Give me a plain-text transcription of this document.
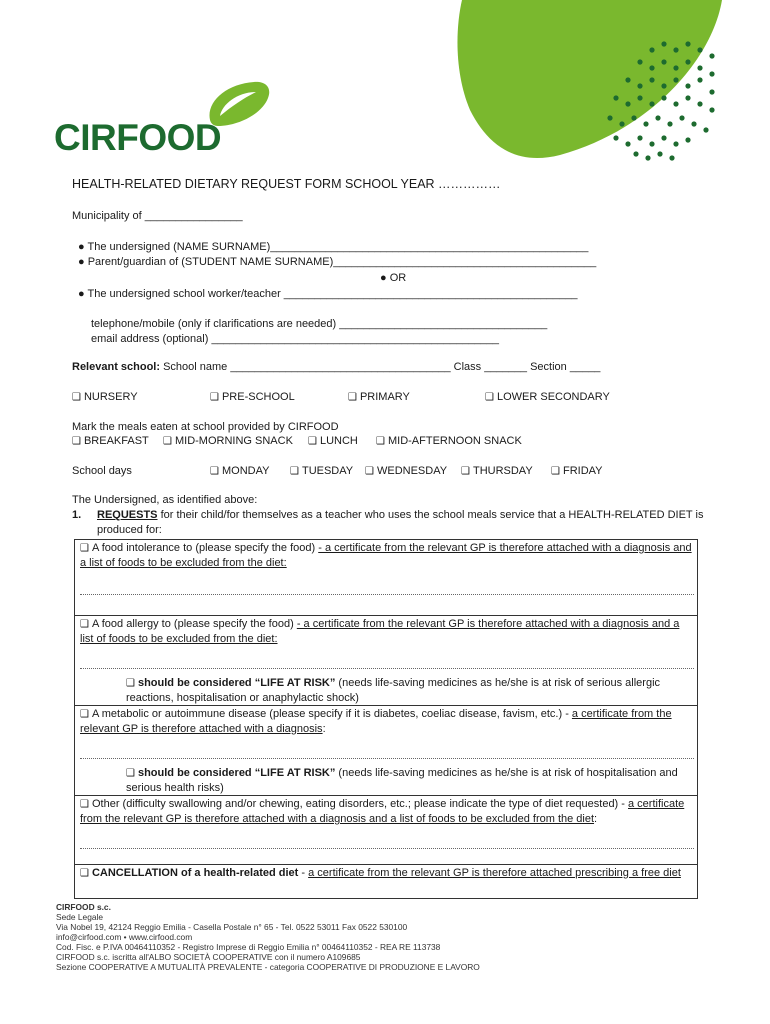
CIRFOOD
HEALTH-RELATED DIETARY REQUEST FORM SCHOOL YEAR ……………
Municipality of ________________
● The undersigned (NAME SURNAME)____________________________________________________
● Parent/guardian of (STUDENT NAME SURNAME)___________________________________________
● OR
● The undersigned school worker/teacher ________________________________________________
telephone/mobile (only if clarifications are needed) __________________________________
email address (optional) _______________________________________________
Relevant school: School name ____________________________________ Class _______ Section _____
❑ NURSERY	❑ PRE-SCHOOL	❑ PRIMARY	❑ LOWER SECONDARY
Mark the meals eaten at school provided by CIRFOOD
❑ BREAKFAST ❑ MID-MORNING SNACK ❑ LUNCH ❑ MID-AFTERNOON SNACK
School days	❑ MONDAY ❑ TUESDAY ❑ WEDNESDAY ❑ THURSDAY ❑ FRIDAY
The Undersigned, as identified above:
1. REQUESTS for their child/for themselves as a teacher who uses the school meals service that a HEALTH-RELATED DIET is produced for:
❑ A food intolerance to (please specify the food) - a certificate from the relevant GP is therefore attached with a diagnosis and a list of foods to be excluded from the diet:
❑ A food allergy to (please specify the food) - a certificate from the relevant GP is therefore attached with a diagnosis and a list of foods to be excluded from the diet:
❑ should be considered “LIFE AT RISK” (needs life-saving medicines as he/she is at risk of serious allergic reactions, hospitalisation or anaphylactic shock)
❑ A metabolic or autoimmune disease (please specify if it is diabetes, coeliac disease, favism, etc.) - a certificate from the relevant GP is therefore attached with a diagnosis:
❑ should be considered “LIFE AT RISK” (needs life-saving medicines as he/she is at risk of hospitalisation and serious health risks)
❑ Other (difficulty swallowing and/or chewing, eating disorders, etc.; please indicate the type of diet requested) - a certificate from the relevant GP is therefore attached with a diagnosis and a list of foods to be excluded from the diet:
❑ CANCELLATION of a health-related diet - a certificate from the relevant GP is therefore attached prescribing a free diet
CIRFOOD s.c.
Sede Legale
Via Nobel 19, 42124 Reggio Emilia - Casella Postale n° 65 - Tel. 0522 53011 Fax 0522 530100
info@cirfood.com • www.cirfood.com
Cod. Fisc. e P.IVA 00464110352 - Registro Imprese di Reggio Emilia n° 00464110352 - REA RE 113738
CIRFOOD s.c. iscritta all'ALBO SOCIETÀ COOPERATIVE con il numero A109685
Sezione COOPERATIVE A MUTUALITÀ PREVALENTE - categoria COOPERATIVE DI PRODUZIONE E LAVORO
